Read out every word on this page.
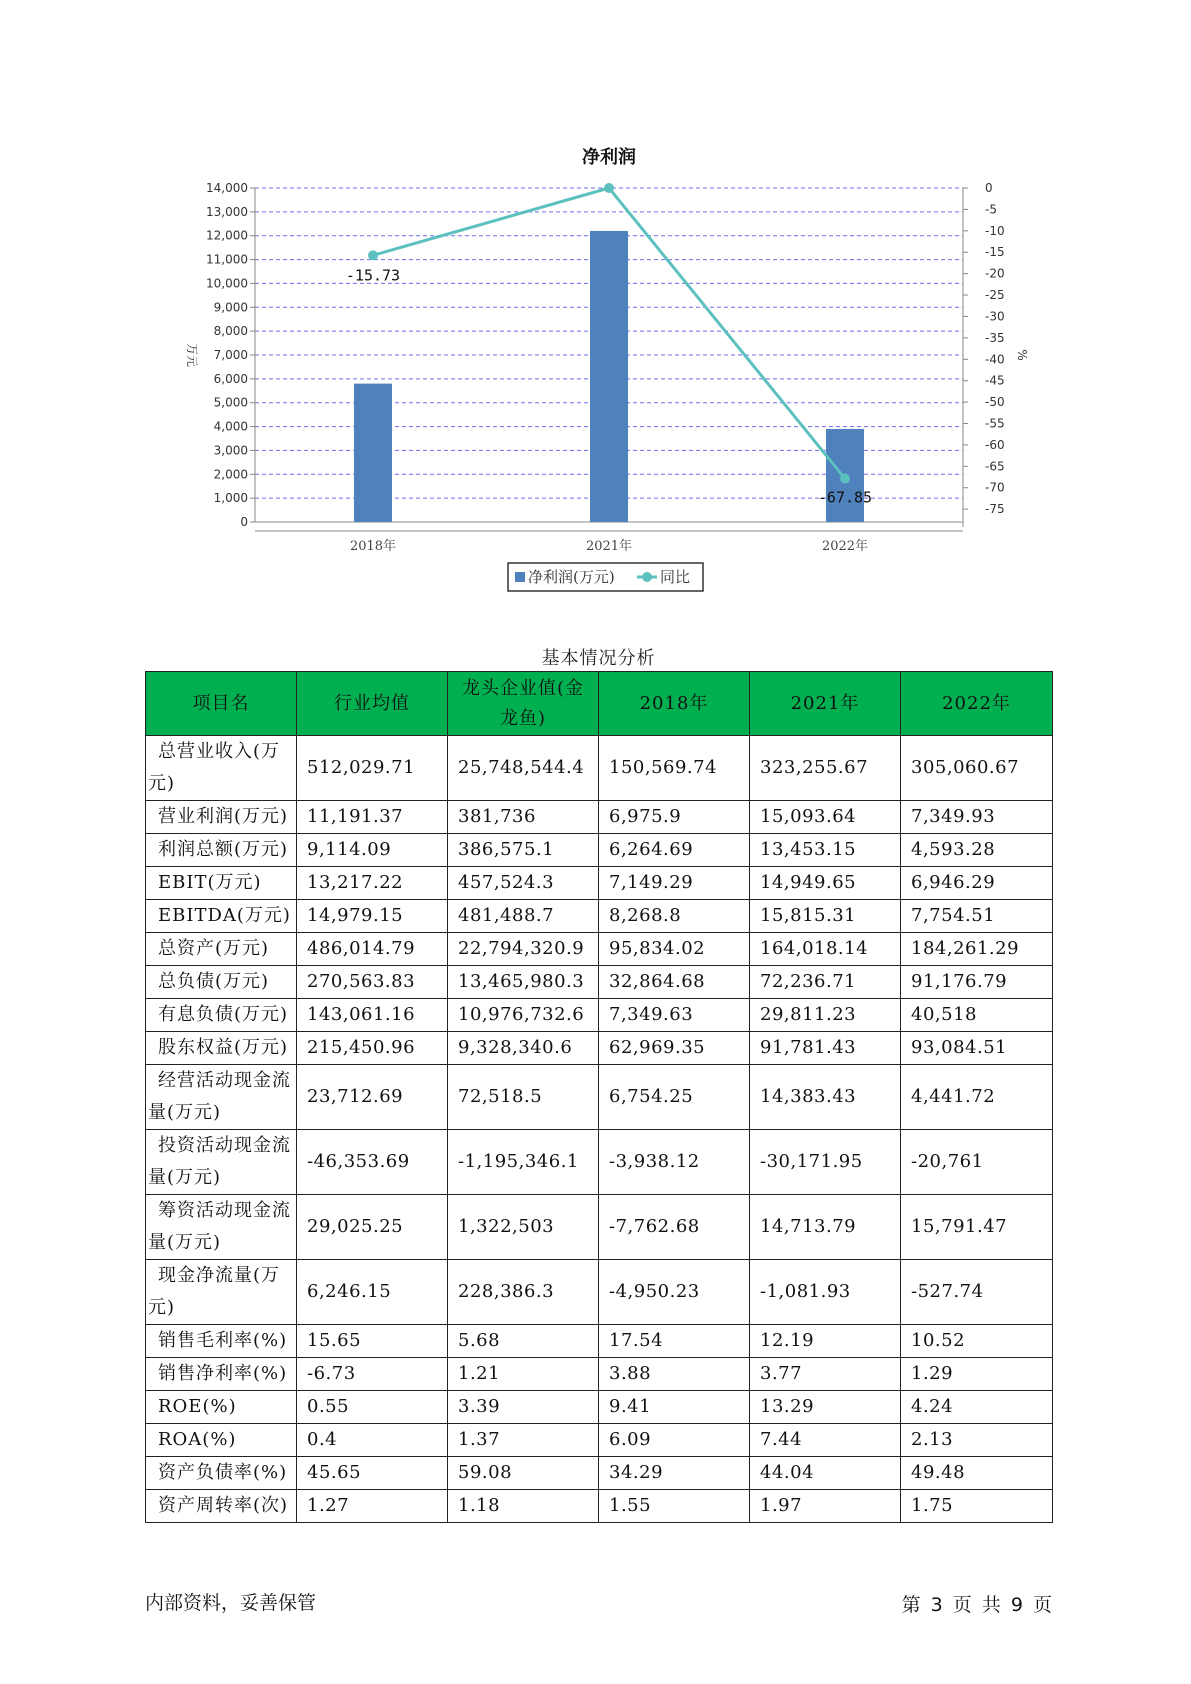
净利润
0
1,000
2,000
3,000
4,000
5,000
6,000
7,000
8,000
9,000
10,000
11,000
12,000
13,000
14,000	0
-5
-10
-15
-20
-25
-30
-35
-40
-45
-50
-55
-60
-65
-70
-75
万元	%
2018年	2021年	2022年
-15.73
-67.85
净利润(万元)	同比
基本情况分析
项目名	行业均值	龙头企业值(金龙鱼)	2018年	2021年	2022年
总营业收入(万元)	512,029.71	25,748,544.4	150,569.74	323,255.67	305,060.67
营业利润(万元)	11,191.37	381,736	6,975.9	15,093.64	7,349.93
利润总额(万元)	9,114.09	386,575.1	6,264.69	13,453.15	4,593.28
EBIT(万元)	13,217.22	457,524.3	7,149.29	14,949.65	6,946.29
EBITDA(万元)	14,979.15	481,488.7	8,268.8	15,815.31	7,754.51
总资产(万元)	486,014.79	22,794,320.9	95,834.02	164,018.14	184,261.29
总负债(万元)	270,563.83	13,465,980.3	32,864.68	72,236.71	91,176.79
有息负债(万元)	143,061.16	10,976,732.6	7,349.63	29,811.23	40,518
股东权益(万元)	215,450.96	9,328,340.6	62,969.35	91,781.43	93,084.51
经营活动现金流量(万元)	23,712.69	72,518.5	6,754.25	14,383.43	4,441.72
投资活动现金流量(万元)	-46,353.69	-1,195,346.1	-3,938.12	-30,171.95	-20,761
筹资活动现金流量(万元)	29,025.25	1,322,503	-7,762.68	14,713.79	15,791.47
现金净流量(万元)	6,246.15	228,386.3	-4,950.23	-1,081.93	-527.74
销售毛利率(%)	15.65	5.68	17.54	12.19	10.52
销售净利率(%)	-6.73	1.21	3.88	3.77	1.29
ROE(%)	0.55	3.39	9.41	13.29	4.24
ROA(%)	0.4	1.37	6.09	7.44	2.13
资产负债率(%)	45.65	59.08	34.29	44.04	49.48
资产周转率(次)	1.27	1.18	1.55	1.97	1.75
内部资料，妥善保管	第 3 页 共 9 页
